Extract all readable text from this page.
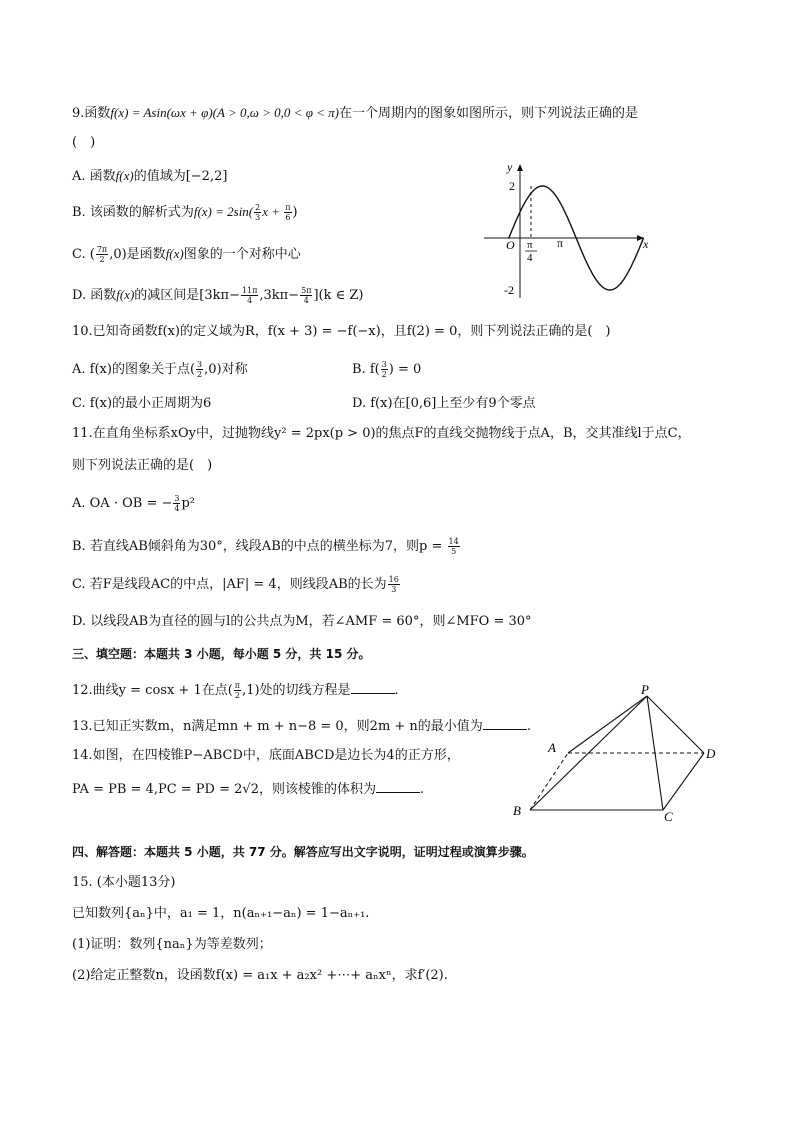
9.函数f(x) = Asin(ωx + φ)(A > 0,ω > 0,0 < φ < π)在一个周期内的图象如图所示，则下列说法正确的是
(　)
A. 函数f(x)的值域为[−2,2]
B. 该函数的解析式为$f(x) = 2\sin( \frac{2}{3}$ $x + \frac{\pi}{6}$ )
C. ( $\frac{7\pi}{2} ,0$)是函数f(x)图象的一个对称中心
D. 函数f(x)的减区间是$[3k\pi- \frac{11\pi}{4} ,3k\pi- \frac{5\pi}{4} ](k$ ∈ Z)
y
x
O
2
-2
π
4
π
10.已知奇函数f(x)的定义域为R，f(x + 3) = −f(−x)，且f(2) = 0，则下列说法正确的是(　)
A. f(x)的图象关于点( $\frac{3}{2} ,0$)对称	B. $f( \frac{3}{2}$ ) = 0
C. f(x)的最小正周期为6	D. f(x)在[0,6]上至少有9个零点
11.在直角坐标系xOy中，过抛物线y² = 2px(p > 0)的焦点F的直线交抛物线于点A，B，交其准线l于点C，
则下列说法正确的是(　)
A. OA · OB = − $\frac{3}{4} p^2$
B. 若直线AB倾斜角为30°，线段AB的中点的横坐标为7，则$p = \frac{14}{5}$
C. 若F是线段AC的中点，|AF| = 4，则线段AB的长为 $\frac{16}{3}$
D. 以线段AB为直径的圆与l的公共点为M，若∠AMF = 60°，则∠MFO = 30°
三、填空题：本题共 3 小题，每小题 5 分，共 15 分。
12.曲线y = cosx + 1在点( $\frac{\pi}{2} ,1$)处的切线方程是	.
13.已知正实数m，n满足mn + m + n−8 = 0，则2m + n的最小值为	.
14.如图，在四棱锥P−ABCD中，底面ABCD是边长为4的正方形，
PA = PB = 4,PC = PD = 2√2，则该棱锥的体积为	.
P
A
B	C
D
四、解答题：本题共 5 小题，共 77 分。解答应写出文字说明，证明过程或演算步骤。
15. (本小题13分)
已知数列{aₙ}中，a₁ = 1，n(aₙ₊₁−aₙ) = 1−aₙ₊₁.
(1)证明：数列{naₙ}为等差数列；
(2)给定正整数n，设函数f(x) = a₁x + a₂x² +⋯+ aₙxⁿ，求f′(2).
